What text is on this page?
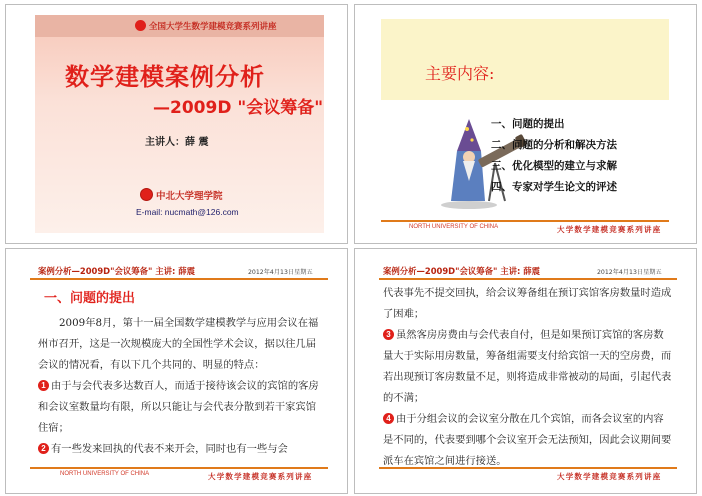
全国大学生数学建模竞赛系列讲座
数学建模案例分析
—2009D "会议筹备"
主讲人：薛 震
中北大学理学院
E-mail: nucmath@126.com
主要内容:
一、问题的提出
二、问题的分析和解决方法
三、优化模型的建立与求解
四、专家对学生论文的评述
NORTH UNIVERSITY OF CHINA	大学数学建模竞赛系列讲座
案例分析—2009D"会议筹备" 主讲: 薛震	2012年4月13日星期五
一、问题的提出
2009年8月，第十一届全国数学建模教学与应用会议在福州市召开，这是一次规模庞大的全国性学术会议，据以往几届会议的情况看，有以下几个共同的、明显的特点：
1 由于与会代表多达数百人，而适于接待该会议的宾馆的客房和会议室数量均有限，所以只能让与会代表分散到若干家宾馆住宿；
2 有一些发来回执的代表不来开会，同时也有一些与会
NORTH UNIVERSITY OF CHINA	大学数学建模竞赛系列讲座
案例分析—2009D"会议筹备" 主讲: 薛震	2012年4月13日星期五
代表事先不提交回执，给会议筹备组在预订宾馆客房数量时造成了困难；
3 虽然客房房费由与会代表自付，但是如果预订宾馆的客房数量大于实际用房数量，筹备组需要支付给宾馆一天的空房费，而若出现预订客房数量不足，则将造成非常被动的局面，引起代表的不满；
4 由于分组会议的会议室分散在几个宾馆，而各会议室的内容是不同的，代表要到哪个会议室开会无法预知，因此会议期间要派车在宾馆之间进行接送。
大学数学建模竞赛系列讲座
